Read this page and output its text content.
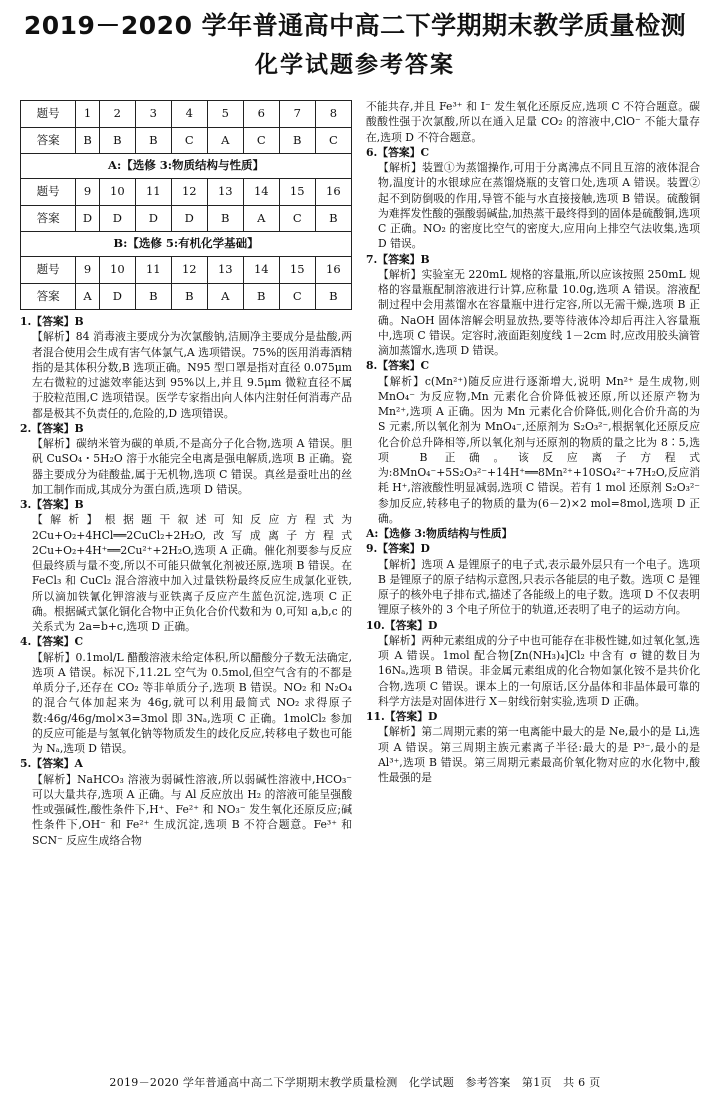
2019－2020 学年普通高中高二下学期期末教学质量检测
化学试题参考答案
题号	1	2	3	4	5	6	7	8
答案	B	B	B	C	A	C	B	C
A:【选修 3:物质结构与性质】								
题号	9	10	11	12	13	14	15	16
答案	D	D	D	D	B	A	C	B
B:【选修 5:有机化学基础】								
题号	9	10	11	12	13	14	15	16
答案	A	D	B	B	A	B	C	B
1.【答案】B
【解析】84 消毒液主要成分为次氯酸钠,洁厕净主要成分是盐酸,两者混合使用会生成有害气体氯气,A 选项错误。75%的医用消毒酒精指的是其体积分数,B 选项正确。N95 型口罩是指对直径 0.075μm 左右微粒的过滤效率能达到 95%以上,并且 9.5μm 微粒直径不属于胶粒范围,C 选项错误。医学专家指出向人体内注射任何消毒产品都是极其不负责任的,危险的,D 选项错误。
2.【答案】B
【解析】碳纳米管为碳的单质,不是高分子化合物,选项 A 错误。胆矾 CuSO₄・5H₂O 溶于水能完全电离是强电解质,选项 B 正确。瓷器主要成分为硅酸盐,属于无机物,选项 C 错误。真丝是蚕吐出的丝加工制作而成,其成分为蛋白质,选项 D 错误。
3.【答案】B
【解析】根据题干叙述可知反应方程式为 2Cu+O₂+4HCl══2CuCl₂+2H₂O,改写成离子方程式 2Cu+O₂+4H⁺══2Cu²⁺+2H₂O,选项 A 正确。催化剂要参与反应但最终质与量不变,所以不可能只做氧化剂被还原,选项 B 错误。在 FeCl₃ 和 CuCl₂ 混合溶液中加入过量铁粉最终反应生成氯化亚铁,所以滴加铁氰化钾溶液与亚铁离子反应产生蓝色沉淀,选项 C 正确。根据碱式氯化铜化合物中正负化合价代数和为 0,可知 a,b,c 的关系式为 2a=b+c,选项 D 正确。
4.【答案】C
【解析】0.1mol/L 醋酸溶液未给定体积,所以醋酸分子数无法确定,选项 A 错误。标况下,11.2L 空气为 0.5mol,但空气含有的不都是单质分子,还存在 CO₂ 等非单质分子,选项 B 错误。NO₂ 和 N₂O₄ 的混合气体加起来为 46g,就可以利用最简式 NO₂ 求得原子数:46g/46g/mol×3=3mol 即 3Nₐ,选项 C 正确。1molCl₂ 参加的反应可能是与氢氧化钠等物质发生的歧化反应,转移电子数也可能为 Nₐ,选项 D 错误。
5.【答案】A
【解析】NaHCO₃ 溶液为弱碱性溶液,所以弱碱性溶液中,HCO₃⁻ 可以大量共存,选项 A 正确。与 Al 反应放出 H₂ 的溶液可能呈强酸性或强碱性,酸性条件下,H⁺、Fe²⁺ 和 NO₃⁻ 发生氧化还原反应;碱性条件下,OH⁻ 和 Fe²⁺ 生成沉淀,选项 B 不符合题意。Fe³⁺ 和 SCN⁻ 反应生成络合物
不能共存,并且 Fe³⁺ 和 I⁻ 发生氧化还原反应,选项 C 不符合题意。碳酸酸性强于次氯酸,所以在通入足量 CO₂ 的溶液中,ClO⁻ 不能大量存在,选项 D 不符合题意。
6.【答案】C
【解析】装置①为蒸馏操作,可用于分离沸点不同且互溶的液体混合物,温度计的水银球应在蒸馏烧瓶的支管口处,选项 A 错误。装置②起不到防倒吸的作用,导管不能与水直接接触,选项 B 错误。硫酸铜为难挥发性酸的强酸弱碱盐,加热蒸干最终得到的固体是硫酸铜,选项 C 正确。NO₂ 的密度比空气的密度大,应用向上排空气法收集,选项 D 错误。
7.【答案】B
【解析】实验室无 220mL 规格的容量瓶,所以应该按照 250mL 规格的容量瓶配制溶液进行计算,应称量 10.0g,选项 A 错误。溶液配制过程中会用蒸馏水在容量瓶中进行定容,所以无需干燥,选项 B 正确。NaOH 固体溶解会明显放热,要等待液体冷却后再注入容量瓶中,选项 C 错误。定容时,液面距刻度线 1－2cm 时,应改用胶头滴管滴加蒸馏水,选项 D 错误。
8.【答案】C
【解析】c(Mn²⁺)随反应进行逐渐增大,说明 Mn²⁺ 是生成物,则 MnO₄⁻ 为反应物,Mn 元素化合价降低被还原,所以还原产物为 Mn²⁺,选项 A 正确。因为 Mn 元素化合价降低,则化合价升高的为 S 元素,所以氧化剂为 MnO₄⁻,还原剂为 S₂O₃²⁻,根据氧化还原反应化合价总升降相等,所以氧化剂与还原剂的物质的量之比为 8∶5,选项 B 正确。该反应离子方程式为:8MnO₄⁻+5S₂O₃²⁻+14H⁺══8Mn²⁺+10SO₄²⁻+7H₂O,反应消耗 H⁺,溶液酸性明显减弱,选项 C 错误。若有 1 mol 还原剂 S₂O₃²⁻ 参加反应,转移电子的物质的量为(6－2)×2 mol=8mol,选项 D 正确。
A:【选修 3:物质结构与性质】
9.【答案】D
【解析】选项 A 是锂原子的电子式,表示最外层只有一个电子。选项 B 是锂原子的原子结构示意图,只表示各能层的电子数。选项 C 是锂原子的核外电子排布式,描述了各能级上的电子数。选项 D 不仅表明锂原子核外的 3 个电子所位于的轨道,还表明了电子的运动方向。
10.【答案】D
【解析】两种元素组成的分子中也可能存在非极性键,如过氧化氢,选项 A 错误。1mol 配合物[Zn(NH₃)₄]Cl₂ 中含有 σ 键的数目为 16Nₐ,选项 B 错误。非金属元素组成的化合物如氯化铵不是共价化合物,选项 C 错误。课本上的一句原话,区分晶体和非晶体最可靠的科学方法是对固体进行 X－射线衍射实验,选项 D 正确。
11.【答案】D
【解析】第二周期元素的第一电离能中最大的是 Ne,最小的是 Li,选项 A 错误。第三周期主族元素离子半径:最大的是 P³⁻,最小的是 Al³⁺,选项 B 错误。第三周期元素最高价氧化物对应的水化物中,酸性最强的是
2019－2020 学年普通高中高二下学期期末教学质量检测　化学试题　参考答案　第1页　共 6 页
